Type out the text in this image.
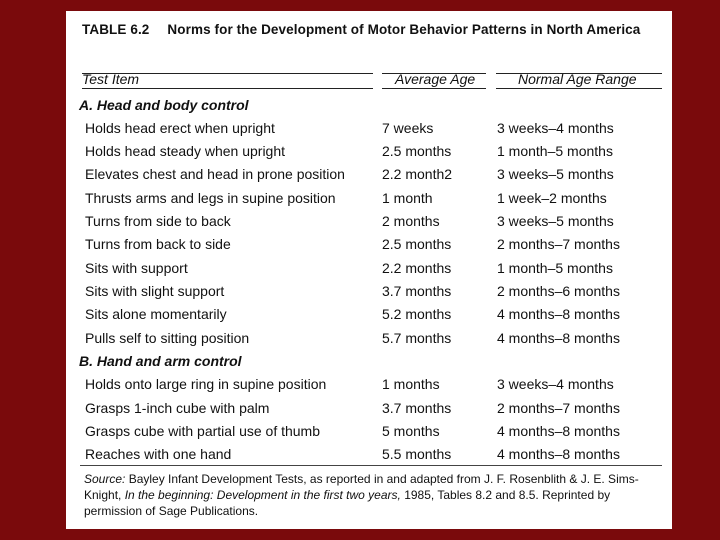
TABLE 6.2 Norms for the Development of Motor Behavior Patterns in North America
Test Item	Average Age	Normal Age Range
A. Head and body control
Holds head erect when upright	7 weeks	3 weeks–4 months
Holds head steady when upright	2.5 months	1 month–5 months
Elevates chest and head in prone position	2.2 month2	3 weeks–5 months
Thrusts arms and legs in supine position	1 month	1 week–2 months
Turns from side to back	2 months	3 weeks–5 months
Turns from back to side	2.5 months	2 months–7 months
Sits with support	2.2 months	1 month–5 months
Sits with slight support	3.7 months	2 months–6 months
Sits alone momentarily	5.2 months	4 months–8 months
Pulls self to sitting position	5.7 months	4 months–8 months
B. Hand and arm control
Holds onto large ring in supine position	1 months	3 weeks–4 months
Grasps 1-inch cube with palm	3.7 months	2 months–7 months
Grasps cube with partial use of thumb	5 months	4 months–8 months
Reaches with one hand	5.5 months	4 months–8 months
Source: Bayley Infant Development Tests, as reported in and adapted from J. F. Rosenblith & J. E. Sims-Knight, In the beginning: Development in the first two years, 1985, Tables 8.2 and 8.5. Reprinted by permission of Sage Publications.
